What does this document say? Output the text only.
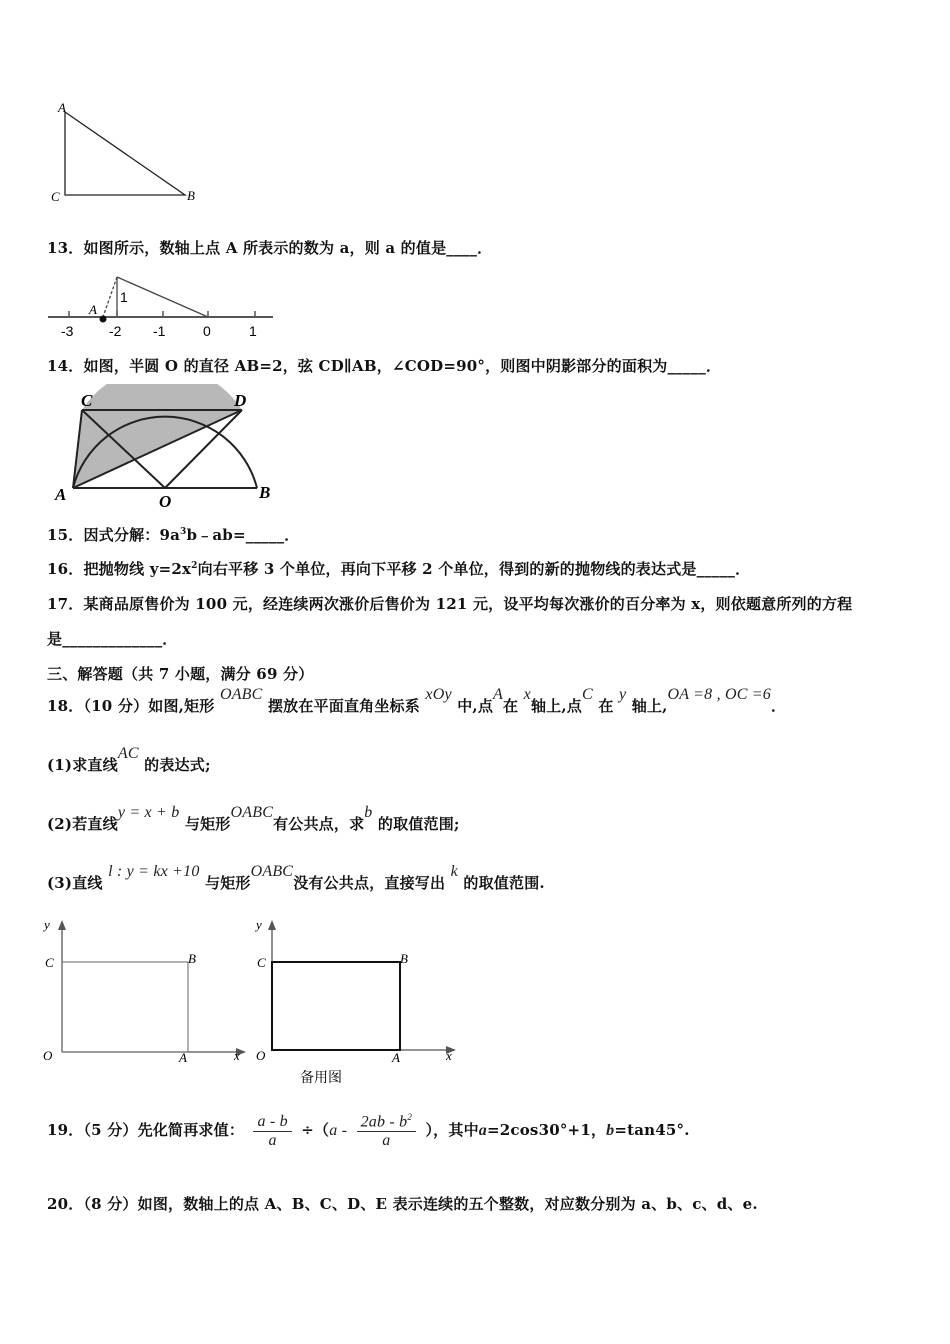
A
C	B
13．如图所示，数轴上点 A 所表示的数为 a，则 a 的值是____．
A
1
-3	-2 -1	0	1
14．如图，半圆 O 的直径 AB=2，弦 CD∥AB，∠COD=90°，则图中阴影部分的面积为_____．
C	D
A	O	B
15．因式分解：$9a^3b﹣ab=\_\_\_\_\_$．
16．把抛物线 $y=2x^2$向右平移 3 个单位，再向下平移 2 个单位，得到的新的抛物线的表达式是_____．
17．某商品原售价为 100 元，经连续两次涨价后售价为 121 元，设平均每次涨价的百分率为 x，则依题意所列的方程
是_____________．
三、解答题（共 7 小题，满分 69 分）
18．（10 分）如图,矩形 OABC 摆放在平面直角坐标系 xOy 中,点A在 x轴上,点C 在 y 轴上,OA =8 , OC =6．
(1)求直线AC 的表达式;
(2)若直线y = x + b 与矩形OABC有公共点，求b 的取值范围;
(3)直线 l : y = kx +10 与矩形OABC没有公共点，直接写出 k 的取值范围.
y
x
O	A
B
C
y
x
O	A
B
C
备用图
19．（5 分）先化简再求值： $\frac{a - b}{a} \div(a - \frac{2ab - b^2}{a}$ ），其中a=2cos30°+1，b=tan45°.
20．（8 分）如图，数轴上的点 A、B、C、D、E 表示连续的五个整数，对应数分别为 a、b、c、d、e.
